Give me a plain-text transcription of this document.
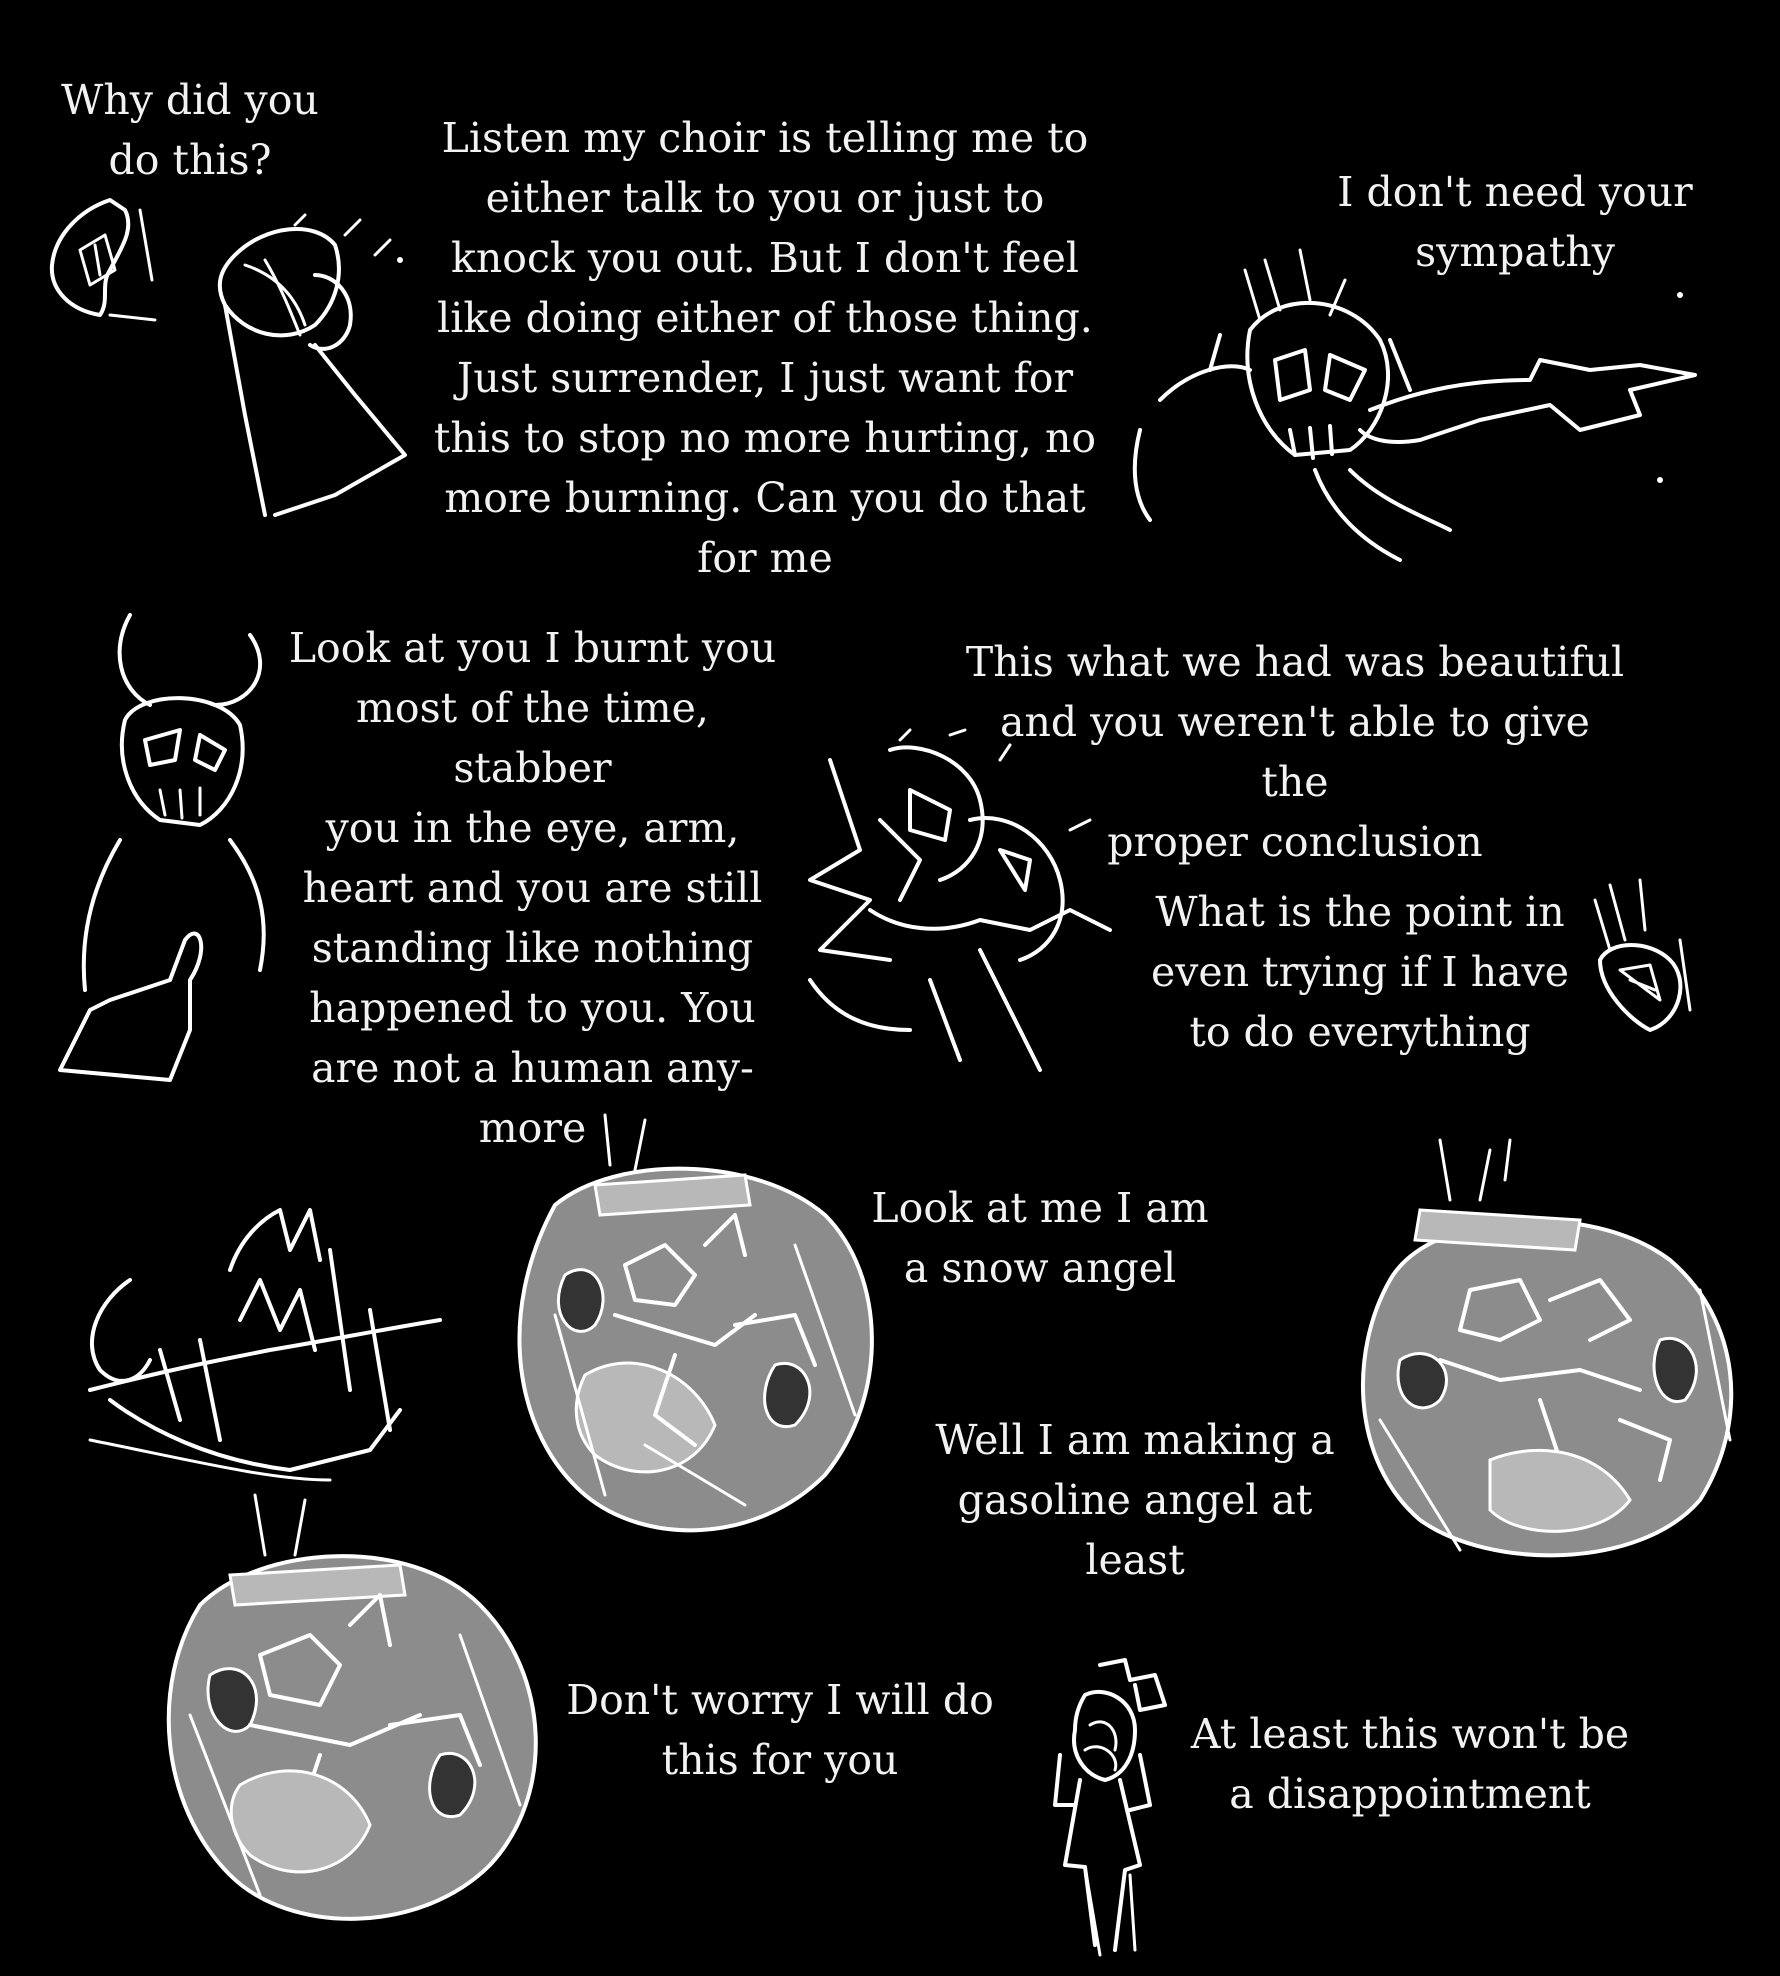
Why did you
do this?	Listen my choir is telling me to
either talk to you or just to
knock you out. But I don't feel
like doing either of those thing.
Just surrender, I just want for
this to stop no more hurting, no
more burning. Can you do that
for me
I don't need your
sympathy
Look at you I burnt you
most of the time, stabber
you in the eye, arm,
heart and you are still
standing like nothing
happened to you. You
are not a human any-
more
This what we had was beautiful
and you weren't able to give the
proper conclusion
What is the point in
even trying if I have
to do everything
Look at me I am
a snow angel
Well I am making a
gasoline angel at
least
Don't worry I will do
this for you
At least this won't be
a disappointment
